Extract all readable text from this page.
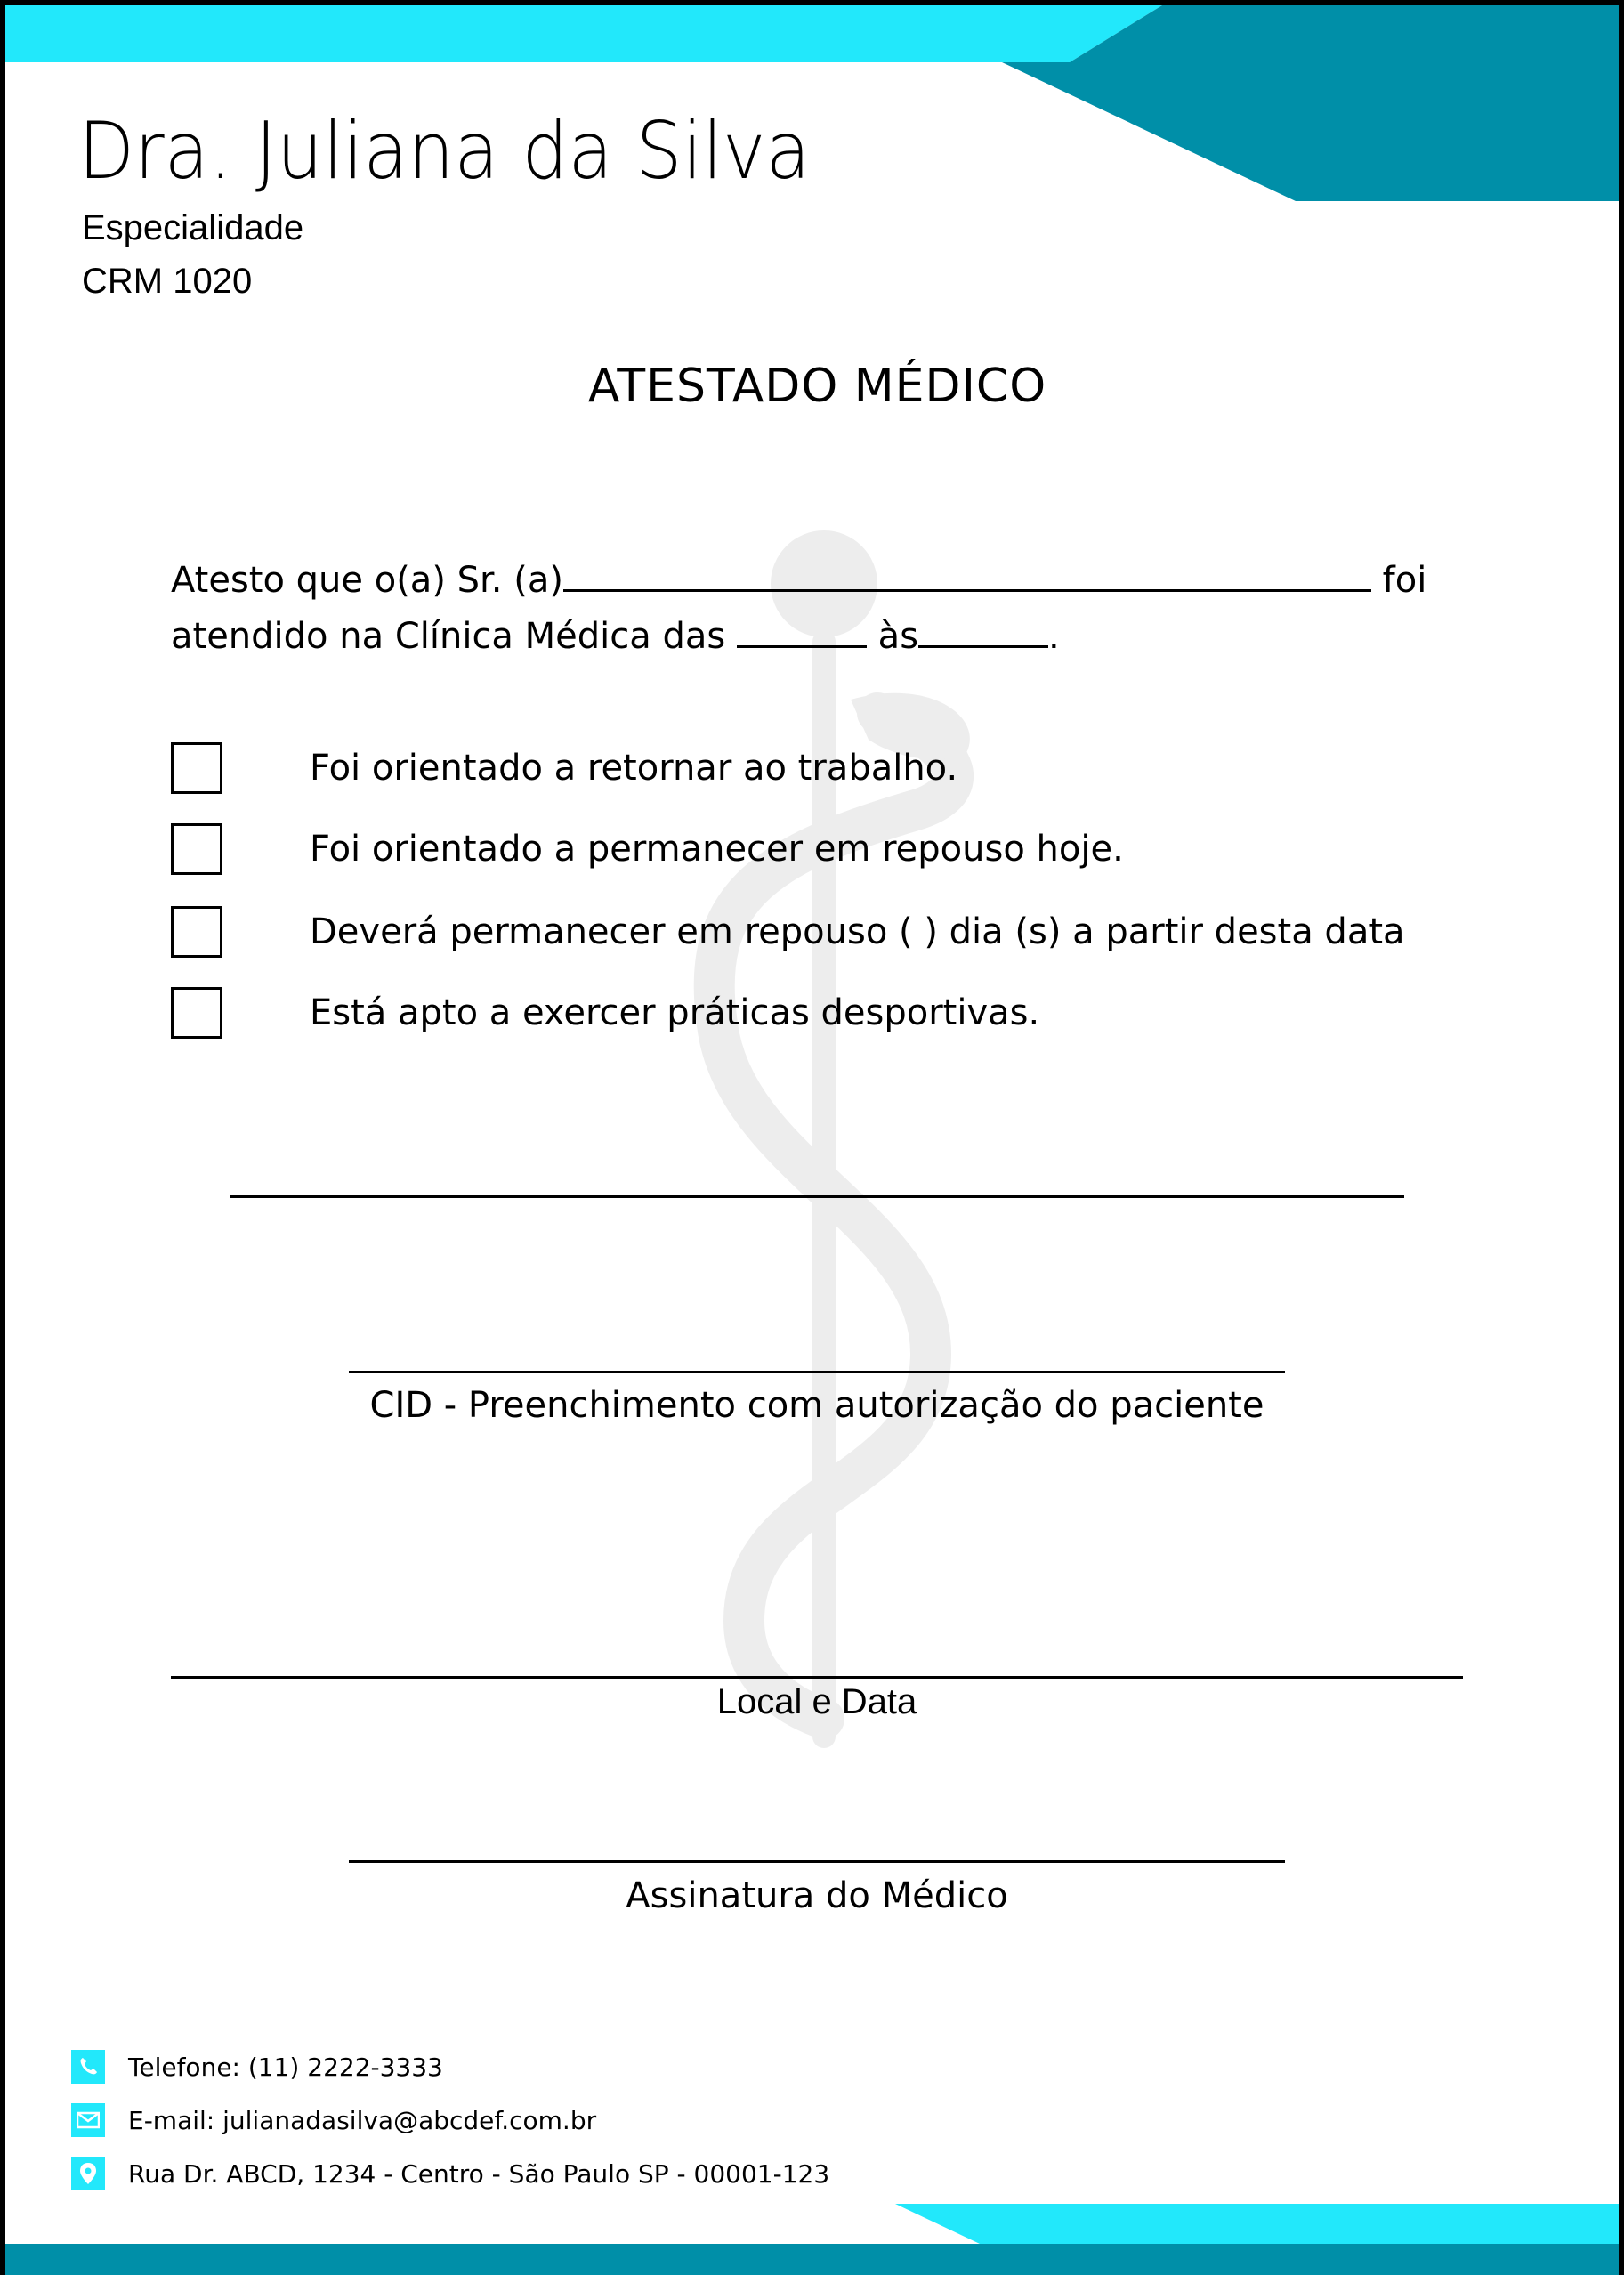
Dra. Juliana da Silva
Especialidade
CRM 1020
ATESTADO MÉDICO
Atesto que o(a) Sr. (a)	foi
atendido na Clínica Médica das	às	.
Foi orientado a retornar ao trabalho.
Foi orientado a permanecer em repouso hoje.
Deverá permanecer em repouso ( ) dia (s) a partir desta data
Está apto a exercer práticas desportivas.
CID - Preenchimento com autorização do paciente
Local e Data
Assinatura do Médico
Telefone: (11) 2222-3333
E-mail: julianadasilva@abcdef.com.br
Rua Dr. ABCD, 1234 - Centro - São Paulo SP - 00001-123
